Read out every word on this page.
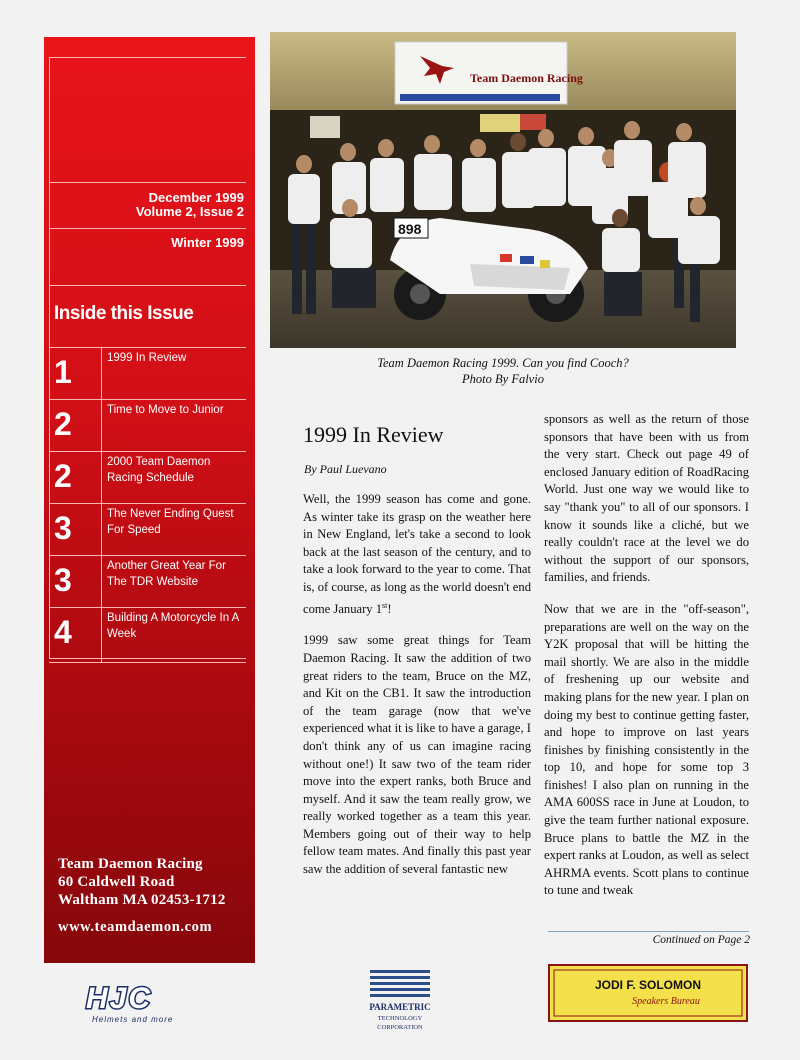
December 1999
Volume 2, Issue 2
Winter 1999
Inside this Issue
1	1999 In Review
2	Time to Move to Junior
2	2000 Team Daemon Racing Schedule
3	The Never Ending Quest For Speed
3	Another Great Year For The TDR Website
4	Building A Motorcycle In A Week
Team Daemon Racing
60 Caldwell Road
Waltham MA 02453-1712
www.teamdaemon.com
Team Daemon Racing
898
Team Daemon Racing 1999. Can you find Cooch?
Photo By Falvio
1999 In Review
By Paul Luevano

Well, the 1999 season has come and gone. As winter take its grasp on the weather here in New England, let's take a second to look back at the last season of the century, and to take a look forward to the year to come. That is, of course, as long as the world doesn't end come January 1st!

1999 saw some great things for Team Daemon Racing. It saw the addition of two great riders to the team, Bruce on the MZ, and Kit on the CB1. It saw the introduction of the team garage (now that we've experienced what it is like to have a garage, I don't think any of us can imagine racing without one!) It saw two of the team rider move into the expert ranks, both Bruce and myself. And it saw the team really grow, we really worked together as a team this year. Members going out of their way to help fellow team mates. And finally this past year saw the addition of several fantastic new

sponsors as well as the return of those sponsors that have been with us from the very start. Check out page 49 of enclosed January edition of RoadRacing World. Just one way we would like to say "thank you" to all of our sponsors. I know it sounds like a cliché, but we really couldn't race at the level we do without the support of our sponsors, families, and friends.

Now that we are in the "off-season", preparations are well on the way on the Y2K proposal that will be hitting the mail shortly. We are also in the middle of freshening up our website and making plans for the new year. I plan on doing my best to continue getting faster, and hope to improve on last years finishes by finishing consistently in the top 10, and hope for some top 3 finishes! I also plan on running in the AMA 600SS race in June at Loudon, to give the team further national exposure. Bruce plans to battle the MZ in the expert ranks at Loudon, as well as select AHRMA events. Scott plans to continue to tune and tweak

Continued on Page 2
HJC
Helmets and more
PARAMETRIC
TECHNOLOGY
CORPORATION
JODI F. SOLOMON
Speakers Bureau
